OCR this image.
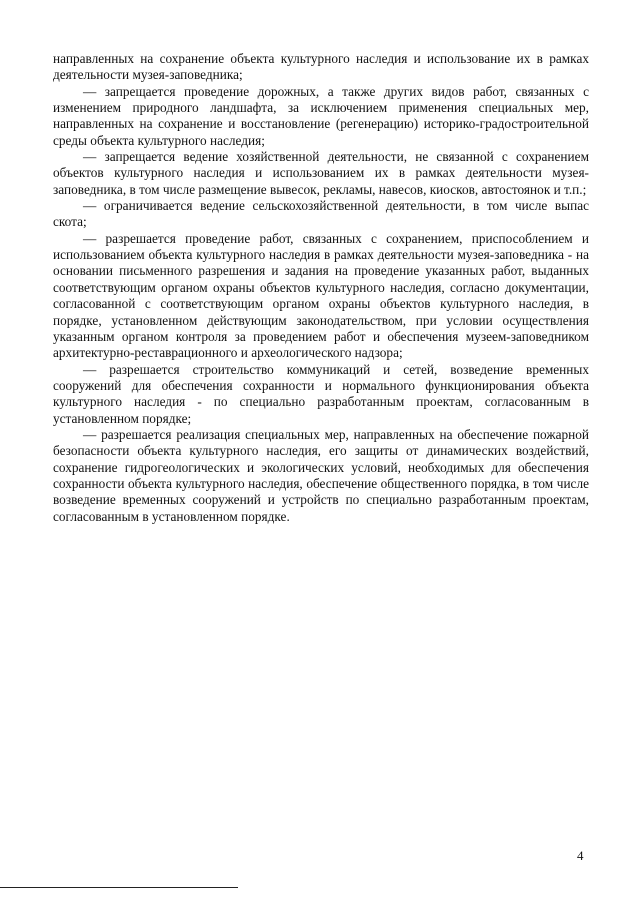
направленных на сохранение объекта культурного наследия и использование их в рамках деятельности музея-заповедника;

— запрещается проведение дорожных, а также других видов работ, связанных с изменением природного ландшафта, за исключением применения специальных мер, направленных на сохранение и восстановление (регенерацию) историко-градостроительной среды объекта культурного наследия;

— запрещается ведение хозяйственной деятельности, не связанной с сохранением объектов культурного наследия и использованием их в рамках деятельности музея-заповедника, в том числе размещение вывесок, рекламы, навесов, киосков, автостоянок и т.п.;

— ограничивается ведение сельскохозяйственной деятельности, в том числе выпас скота;

— разрешается проведение работ, связанных с сохранением, приспособлением и использованием объекта культурного наследия в рамках деятельности музея-заповедника - на основании письменного разрешения и задания на проведение указанных работ, выданных соответствующим органом охраны объектов культурного наследия, согласно документации, согласованной с соответствующим органом охраны объектов культурного наследия, в порядке, установленном действующим законодательством, при условии осуществления указанным органом контроля за проведением работ и обеспечения музеем-заповедником архитектурно-реставрационного и археологического надзора;

— разрешается строительство коммуникаций и сетей, возведение временных сооружений для обеспечения сохранности и нормального функционирования объекта культурного наследия - по специально разработанным проектам, согласованным в установленном порядке;

— разрешается реализация специальных мер, направленных на обеспечение пожарной безопасности объекта культурного наследия, его защиты от динамических воздействий, сохранение гидрогеологических и экологических условий, необходимых для обеспечения сохранности объекта культурного наследия, обеспечение общественного порядка, в том числе возведение временных сооружений и устройств по специально разработанным проектам, согласованным в установленном порядке.

4
